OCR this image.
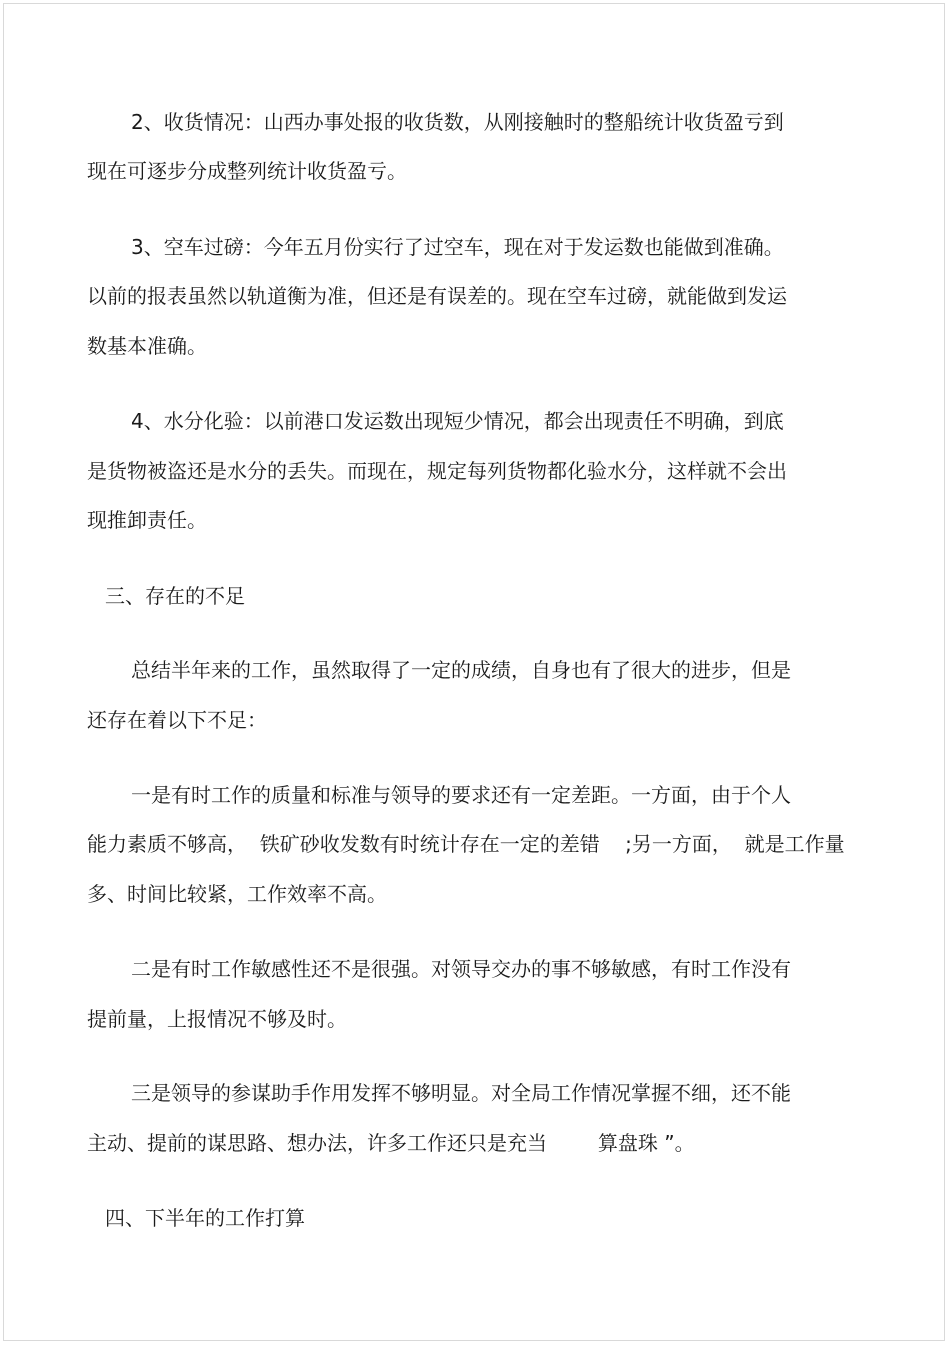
2、收货情况：山西办事处报的收货数，从刚接触时的整船统计收货盈亏到

现在可逐步分成整列统计收货盈亏。

3、空车过磅：今年五月份实行了过空车，现在对于发运数也能做到准确。

以前的报表虽然以轨道衡为准，但还是有误差的。现在空车过磅，就能做到发运

数基本准确。

4、水分化验：以前港口发运数出现短少情况，都会出现责任不明确，到底

是货物被盗还是水分的丢失。而现在，规定每列货物都化验水分，这样就不会出

现推卸责任。

三、存在的不足

总结半年来的工作，虽然取得了一定的成绩，自身也有了很大的进步，但是

还存在着以下不足：

一是有时工作的质量和标准与领导的要求还有一定差距。一方面，由于个人

能力素质不够高，  铁矿砂收发数有时统计存在一定的差错    ;另一方面，  就是工作量

多、时间比较紧，工作效率不高。

二是有时工作敏感性还不是很强。对领导交办的事不够敏感，有时工作没有

提前量，上报情况不够及时。

三是领导的参谋助手作用发挥不够明显。对全局工作情况掌握不细，还不能

主动、提前的谋思路、想办法，许多工作还只是充当        算盘珠 ”。

四、下半年的工作打算
